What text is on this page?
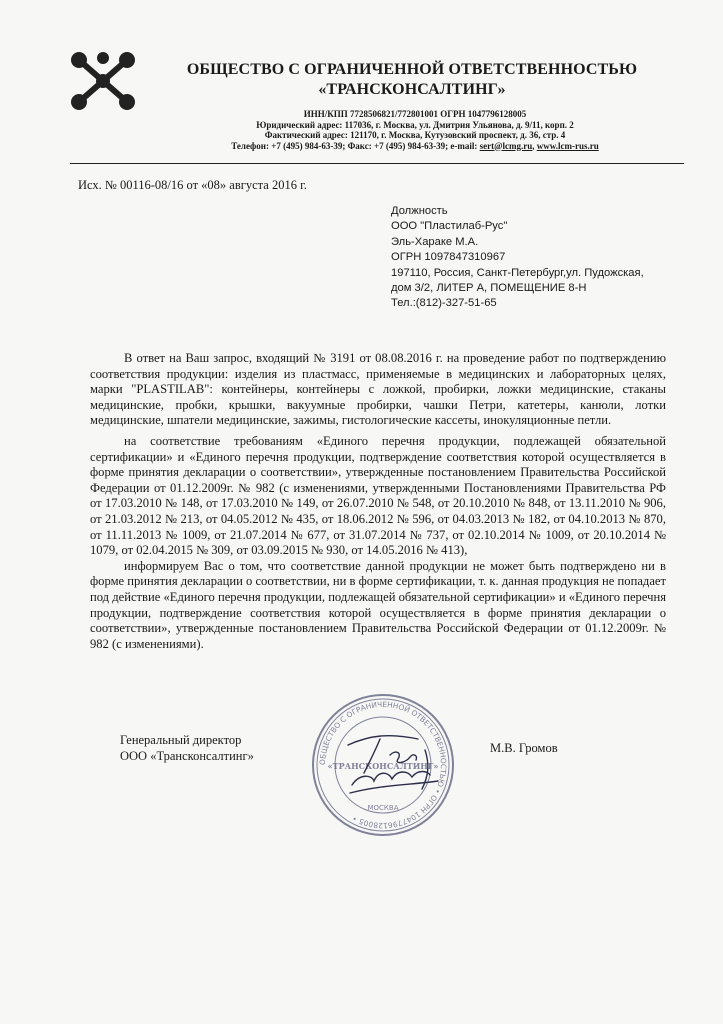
ОБЩЕСТВО С ОГРАНИЧЕННОЙ ОТВЕТСТВЕННОСТЬЮ
«ТРАНСКОНСАЛТИНГ»
ИНН/КПП 7728506821/772801001 ОГРН 1047796128005
Юридический адрес: 117036, г. Москва, ул. Дмитрия Ульянова, д. 9/11, корп. 2
Фактический адрес: 121170, г. Москва, Кутузовский проспект, д. 36, стр. 4
Телефон: +7 (495) 984-63-39; Факс: +7 (495) 984-63-39; e-mail: sert@lcmg.ru, www.lcm-rus.ru
Исх. № 00116-08/16 от «08» августа 2016 г.
Должность
ООО "Пластилаб-Рус"
Эль-Хараке М.А.
ОГРН 1097847310967
197110, Россия, Санкт-Петербург,ул. Пудожская,
дом 3/2, ЛИТЕР А, ПОМЕЩЕНИЕ 8-Н
Тел.:(812)-327-51-65

В ответ на Ваш запрос, входящий № 3191 от 08.08.2016 г. на проведение работ по подтверждению соответствия продукции: изделия из пластмасс, применяемые в медицинских и лабораторных целях, марки "PLASTILAB": контейнеры, контейнеры с ложкой, пробирки, ложки медицинские, стаканы медицинские, пробки, крышки, вакуумные пробирки, чашки Петри, катетеры, канюли, лотки медицинские, шпатели медицинские, зажимы, гистологические кассеты, инокуляционные петли.

на соответствие требованиям «Единого перечня продукции, подлежащей обязательной сертификации» и «Единого перечня продукции, подтверждение соответствия которой осуществляется в форме принятия декларации о соответствии», утвержденные постановлением Правительства Российской Федерации от 01.12.2009г. № 982 (с изменениями, утвержденными Постановлениями Правительства РФ от 17.03.2010 № 148, от 17.03.2010 № 149, от 26.07.2010 № 548, от 20.10.2010 № 848, от 13.11.2010 № 906, от 21.03.2012 № 213, от 04.05.2012 № 435, от 18.06.2012 № 596, от 04.03.2013 № 182, от 04.10.2013 № 870, от 11.11.2013 № 1009, от 21.07.2014 № 677, от 31.07.2014 № 737, от 02.10.2014 № 1009, от 20.10.2014 № 1079, от 02.04.2015 № 309, от 03.09.2015 № 930, от 14.05.2016 № 413),

информируем Вас о том, что соответствие данной продукции не может быть подтверждено ни в форме принятия декларации о соответствии, ни в форме сертификации, т. к. данная продукция не попадает под действие «Единого перечня продукции, подлежащей обязательной сертификации» и «Единого перечня продукции, подтверждение соответствия которой осуществляется в форме принятия декларации о соответствии», утвержденные постановлением Правительства Российской Федерации от 01.12.2009г. № 982 (с изменениями).

ОБЩЕСТВО С ОГРАНИЧЕННОЙ ОТВЕТСТВЕННОСТЬЮ • ОГРН 1047796128005 •
«ТРАНСКОНСАЛТИНГ»
МОСКВА
Генеральный директор
ООО «Трансконсалтинг»
М.В. Громов
